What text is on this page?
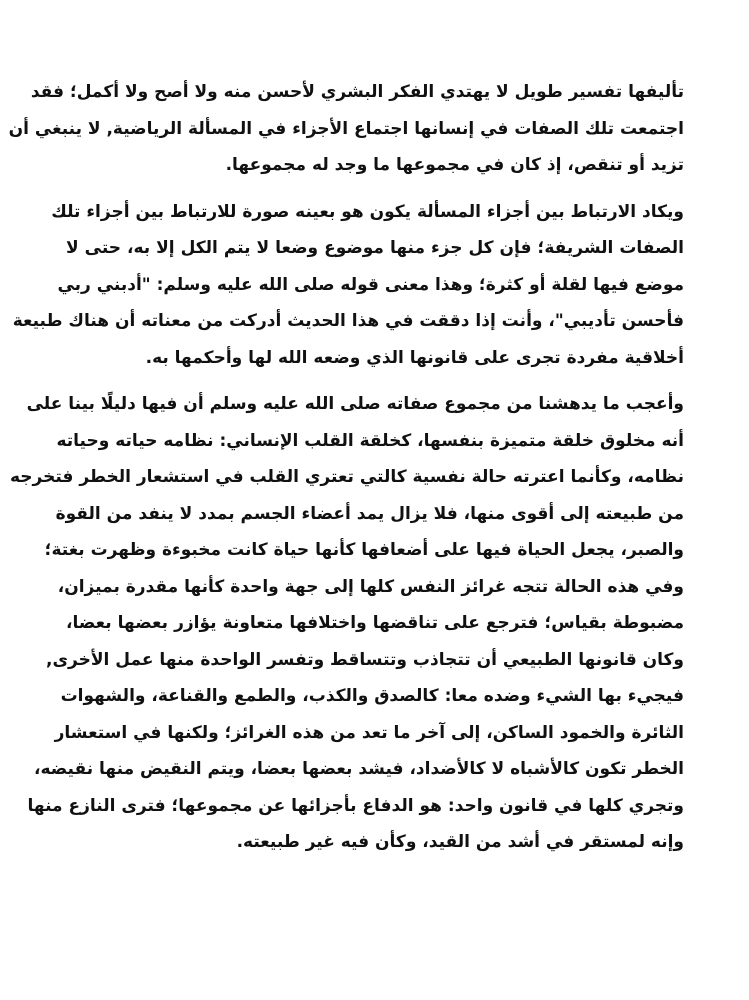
تأليفها تفسير طويل لا يهتدي الفكر البشري لأحسن منه ولا أصح ولا أكمل؛ فقد
اجتمعت تلك الصفات في إنسانها اجتماع الأجزاء في المسألة الرياضية, لا ينبغي أن
تزيد أو تنقص، إذ كان في مجموعها ما وجد له مجموعها.

ويكاد الارتباط بين أجزاء المسألة يكون هو بعينه صورة للارتباط بين أجزاء تلك
الصفات الشريفة؛ فإن كل جزء منها موضوع وضعا لا يتم الكل إلا به، حتى لا
موضع فيها لقلة أو كثرة؛ وهذا معنى قوله صلى الله عليه وسلم: "أدبني ربي
فأحسن تأديبي"، وأنت إذا دققت في هذا الحديث أدركت من معناته أن هناك طبيعة
أخلاقية مفردة تجرى على قانونها الذي وضعه الله لها وأحكمها به.

وأعجب ما يدهشنا من مجموع صفاته صلى الله عليه وسلم أن فيها دليلًا بينا على
أنه مخلوق خلقة متميزة بنفسها، كخلقة القلب الإنساني: نظامه حياته وحياته
نظامه، وكأنما اعترته حالة نفسية كالتي تعتري القلب في استشعار الخطر فتخرجه
من طبيعته إلى أقوى منها، فلا يزال يمد أعضاء الجسم بمدد لا ينفد من القوة
والصبر، يجعل الحياة فيها على أضعافها كأنها حياة كانت مخبوءة وظهرت بغتة؛
وفي هذه الحالة تتجه غرائز النفس كلها إلى جهة واحدة كأنها مقدرة بميزان،
مضبوطة بقياس؛ فترجع على تناقضها واختلافها متعاونة يؤازر بعضها بعضا،
وكان قانونها الطبيعي أن تتجاذب وتتساقط وتفسر الواحدة منها عمل الأخرى,
فيجيء بها الشيء وضده معا: كالصدق والكذب، والطمع والقناعة، والشهوات
الثائرة والخمود الساكن، إلى آخر ما تعد من هذه الغرائز؛ ولكنها في استعشار
الخطر تكون كالأشباه لا كالأضداد، فيشد بعضها بعضا، ويتم النقيض منها نقيضه،
وتجري كلها في قانون واحد: هو الدفاع بأجزائها عن مجموعها؛ فترى النازع منها
وإنه لمستقر في أشد من القيد، وكأن فيه غير طبيعته.
